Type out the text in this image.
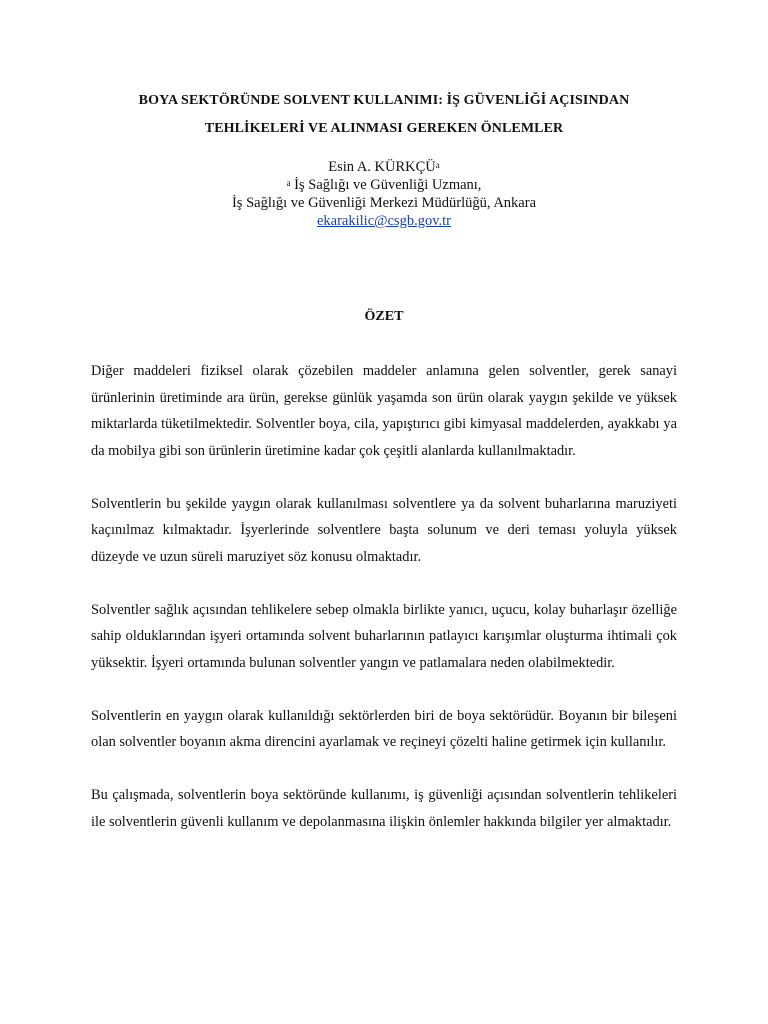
BOYA SEKTÖRÜNDE SOLVENT KULLANIMI: İŞ GÜVENLİĞİ AÇISINDAN
TEHLİKELERİ VE ALINMASI GEREKEN ÖNLEMLER
Esin A. KÜRKÇÜ$^a$
$^a$ İş Sağlığı ve Güvenliği Uzmanı,
İş Sağlığı ve Güvenliği Merkezi Müdürlüğü, Ankara
ekarakilic@csgb.gov.tr
ÖZET

Diğer maddeleri fiziksel olarak çözebilen maddeler anlamına gelen solventler, gerek sanayi ürünlerinin üretiminde ara ürün, gerekse günlük yaşamda son ürün olarak yaygın şekilde ve yüksek miktarlarda tüketilmektedir. Solventler boya, cila, yapıştırıcı gibi kimyasal maddelerden, ayakkabı ya da mobilya gibi son ürünlerin üretimine kadar çok çeşitli alanlarda kullanılmaktadır.

Solventlerin bu şekilde yaygın olarak kullanılması solventlere ya da solvent buharlarına maruziyeti kaçınılmaz kılmaktadır. İşyerlerinde solventlere başta solunum ve deri teması yoluyla yüksek düzeyde ve uzun süreli maruziyet söz konusu olmaktadır.

Solventler sağlık açısından tehlikelere sebep olmakla birlikte yanıcı, uçucu, kolay buharlaşır özelliğe sahip olduklarından işyeri ortamında solvent buharlarının patlayıcı karışımlar oluşturma ihtimali çok yüksektir. İşyeri ortamında bulunan solventler yangın ve patlamalara neden olabilmektedir.

Solventlerin en yaygın olarak kullanıldığı sektörlerden biri de boya sektörüdür. Boyanın bir bileşeni olan solventler boyanın akma direncini ayarlamak ve reçineyi çözelti haline getirmek için kullanılır.

Bu çalışmada, solventlerin boya sektöründe kullanımı, iş güvenliği açısından solventlerin tehlikeleri ile solventlerin güvenli kullanım ve depolanmasına ilişkin önlemler hakkında bilgiler yer almaktadır.
